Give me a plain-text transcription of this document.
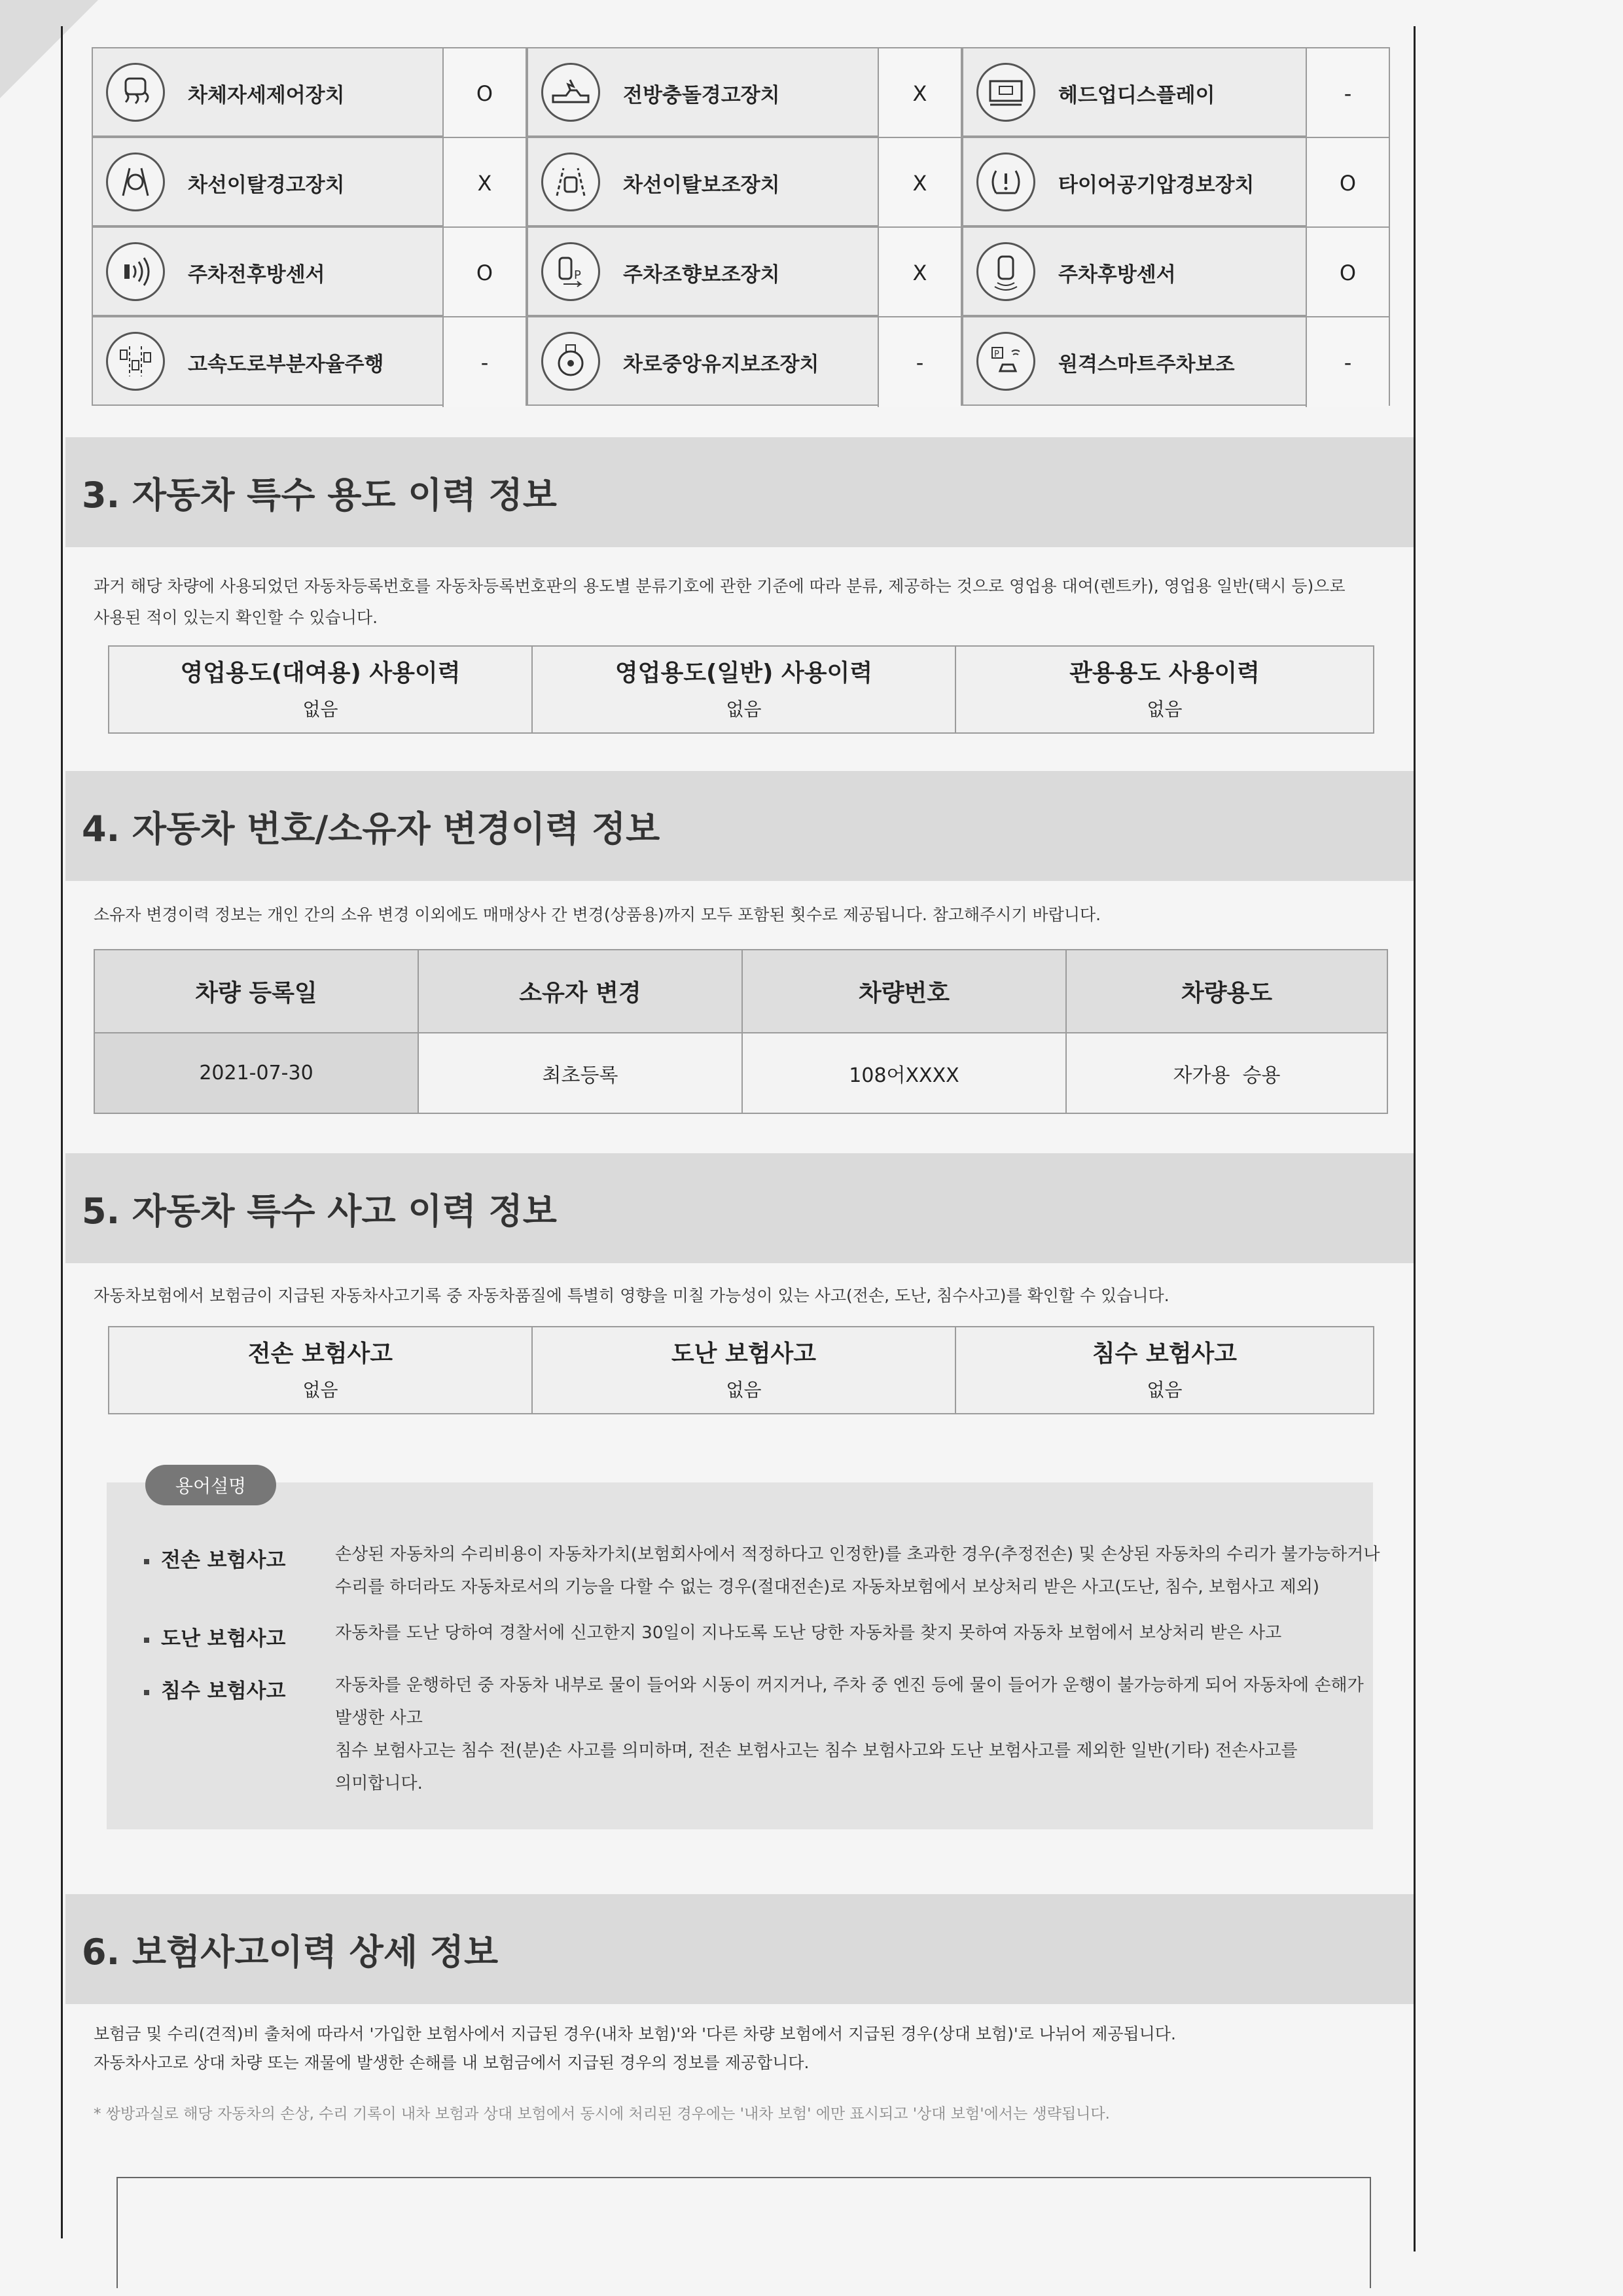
차체자세제어장치	O	전방충돌경고장치	X	헤드업디스플레이	-
차선이탈경고장치	X	차선이탈보조장치	X	타이어공기압경보장치	O
주차전후방센서	O	P 주차조향보조장치	X	주차후방센서	O
고속도로부분자율주행	-	차로중앙유지보조장치	-	P	원격스마트주차보조	-
3. 자동차 특수 용도 이력 정보
과거 해당 차량에 사용되었던 자동차등록번호를 자동차등록번호판의 용도별 분류기호에 관한 기준에 따라 분류, 제공하는 것으로 영업용 대여(렌트카), 영업용 일반(택시 등)으로
사용된 적이 있는지 확인할 수 있습니다.
영업용도(대여용) 사용이력
없음
영업용도(일반) 사용이력
없음
관용용도 사용이력
없음
4. 자동차 번호/소유자 변경이력 정보
소유자 변경이력 정보는 개인 간의 소유 변경 이외에도 매매상사 간 변경(상품용)까지 모두 포함된 횟수로 제공됩니다. 참고해주시기 바랍니다.
차량 등록일	소유자 변경	차량번호	차량용도
2021-07-30	최초등록	108어XXXX	자가용  승용
5. 자동차 특수 사고 이력 정보
자동차보험에서 보험금이 지급된 자동차사고기록 중 자동차품질에 특별히 영향을 미칠 가능성이 있는 사고(전손, 도난, 침수사고)를 확인할 수 있습니다.
전손 보험사고
없음
도난 보험사고
없음
침수 보험사고
없음
용어설명
전손 보험사고	손상된 자동차의 수리비용이 자동차가치(보험회사에서 적정하다고 인정한)를 초과한 경우(추정전손) 및 손상된 자동차의 수리가 불가능하거나
수리를 하더라도 자동차로서의 기능을 다할 수 없는 경우(절대전손)로 자동차보험에서 보상처리 받은 사고(도난, 침수, 보험사고 제외)
도난 보험사고	자동차를 도난 당하여 경찰서에 신고한지 30일이 지나도록 도난 당한 자동차를 찾지 못하여 자동차 보험에서 보상처리 받은 사고
침수 보험사고	자동차를 운행하던 중 자동차 내부로 물이 들어와 시동이 꺼지거나, 주차 중 엔진 등에 물이 들어가 운행이 불가능하게 되어 자동차에 손해가
발생한 사고
침수 보험사고는 침수 전(분)손 사고를 의미하며, 전손 보험사고는 침수 보험사고와 도난 보험사고를 제외한 일반(기타) 전손사고를
의미합니다.
6. 보험사고이력 상세 정보
보험금 및 수리(견적)비 출처에 따라서 '가입한 보험사에서 지급된 경우(내차 보험)'와 '다른 차량 보험에서 지급된 경우(상대 보험)'로 나뉘어 제공됩니다.
자동차사고로 상대 차량 또는 재물에 발생한 손해를 내 보험금에서 지급된 경우의 정보를 제공합니다.
* 쌍방과실로 해당 자동차의 손상, 수리 기록이 내차 보험과 상대 보험에서 동시에 처리된 경우에는 '내차 보험' 에만 표시되고 '상대 보험'에서는 생략됩니다.
